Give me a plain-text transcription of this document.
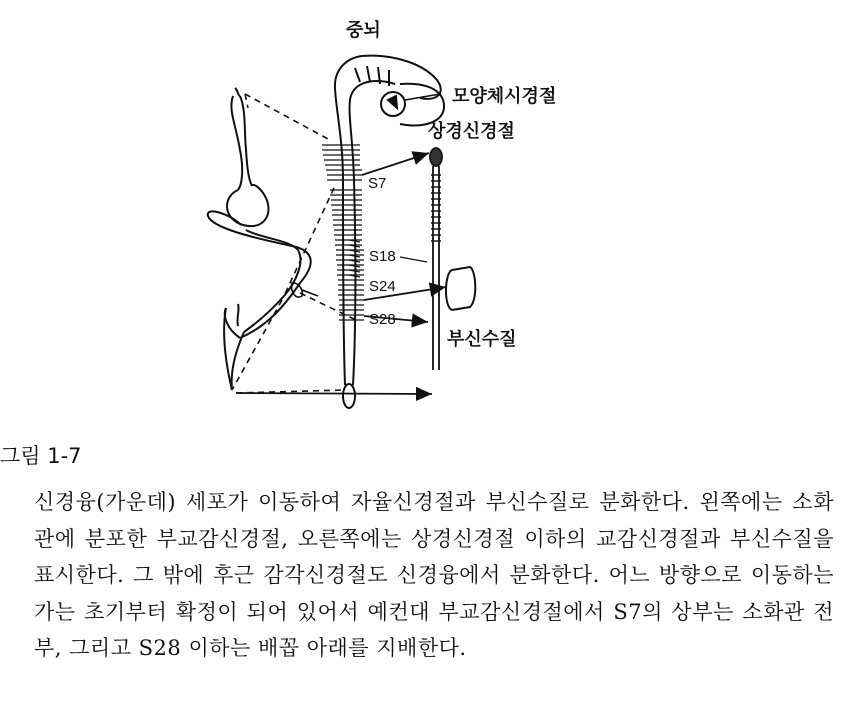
중뇌
모양체시경절
상경신경절
부신수질
S7
S18
S24
S28
그림 1-7

신경융(가운데) 세포가 이동하여 자율신경절과 부신수질로 분화한다. 왼쪽에는 소화관에 분포한 부교감신경절, 오른쪽에는 상경신경절 이하의 교감신경절과 부신수질을 표시한다. 그 밖에 후근 감각신경절도 신경융에서 분화한다. 어느 방향으로 이동하는가는 초기부터 확정이 되어 있어서 예컨대 부교감신경절에서 S7의 상부는 소화관 전부, 그리고 S28 이하는 배꼽 아래를 지배한다.
